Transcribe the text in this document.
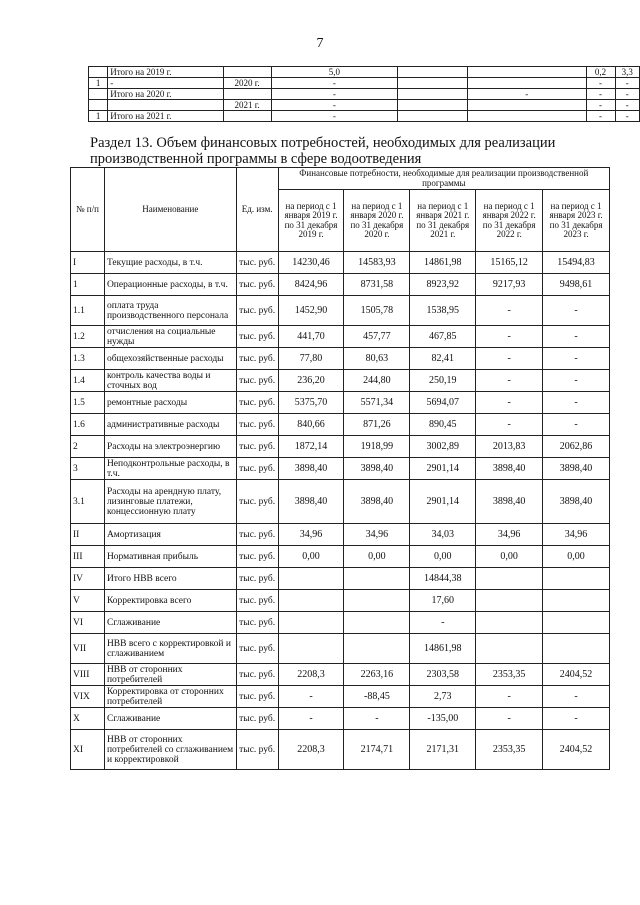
7
	Итого на 2019 г.		5,0			0,2	3,3
1	-	2020 г.	-			-	-
	Итого на 2020 г.		-		-	-	-
		2021 г.	-			-	-
1	Итого на 2021 г.		-			-	-
Раздел 13. Объем финансовых потребностей, необходимых для реализации производственной программы в сфере водоотведения
№ п/п	Наименование	Ед. изм.	Финансовые потребности, необходимые для реализации производственной программы				
			на период с 1 января 2019 г. по 31 декабря 2019 г.	на период с 1 января 2020 г. по 31 декабря 2020 г.	на период с 1 января 2021 г. по 31 декабря 2021 г.	на период с 1 января 2022 г. по 31 декабря 2022 г.	на период с 1 января 2023 г. по 31 декабря 2023 г.
I	Текущие расходы, в т.ч.	тыс. руб.	14230,46	14583,93	14861,98	15165,12	15494,83
1	Операционные расходы, в т.ч.	тыс. руб.	8424,96	8731,58	8923,92	9217,93	9498,61
1.1	оплата труда производственного персонала	тыс. руб.	1452,90	1505,78	1538,95	-	-
1.2	отчисления на социальные нужды	тыс. руб.	441,70	457,77	467,85	-	-
1.3	общехозяйственные расходы	тыс. руб.	77,80	80,63	82,41	-	-
1.4	контроль качества воды и сточных вод	тыс. руб.	236,20	244,80	250,19	-	-
1.5	ремонтные расходы	тыс. руб.	5375,70	5571,34	5694,07	-	-
1.6	административные расходы	тыс. руб.	840,66	871,26	890,45	-	-
2	Расходы на электроэнергию	тыс. руб.	1872,14	1918,99	3002,89	2013,83	2062,86
3	Неподконтрольные расходы, в т.ч.	тыс. руб.	3898,40	3898,40	2901,14	3898,40	3898,40
3.1	Расходы на арендную плату, лизинговые платежи, концессионную плату	тыс. руб.	3898,40	3898,40	2901,14	3898,40	3898,40
II	Амортизация	тыс. руб.	34,96	34,96	34,03	34,96	34,96
III	Нормативная прибыль	тыс. руб.	0,00	0,00	0,00	0,00	0,00
IV	Итого НВВ всего	тыс. руб.			14844,38		
V	Корректировка всего	тыс. руб.			17,60		
VI	Сглаживание	тыс. руб.			-		
VII	НВВ всего с корректировкой и сглаживанием	тыс. руб.			14861,98		
VIII	НВВ от сторонних потребителей	тыс. руб.	2208,3	2263,16	2303,58	2353,35	2404,52
VIX	Корректировка от сторонних потребителей	тыс. руб.	-	-88,45	2,73	-	-
X	Сглаживание	тыс. руб.	-	-	-135,00	-	-
XI	НВВ от сторонних потребителей со сглаживанием и корректировкой	тыс. руб.	2208,3	2174,71	2171,31	2353,35	2404,52
